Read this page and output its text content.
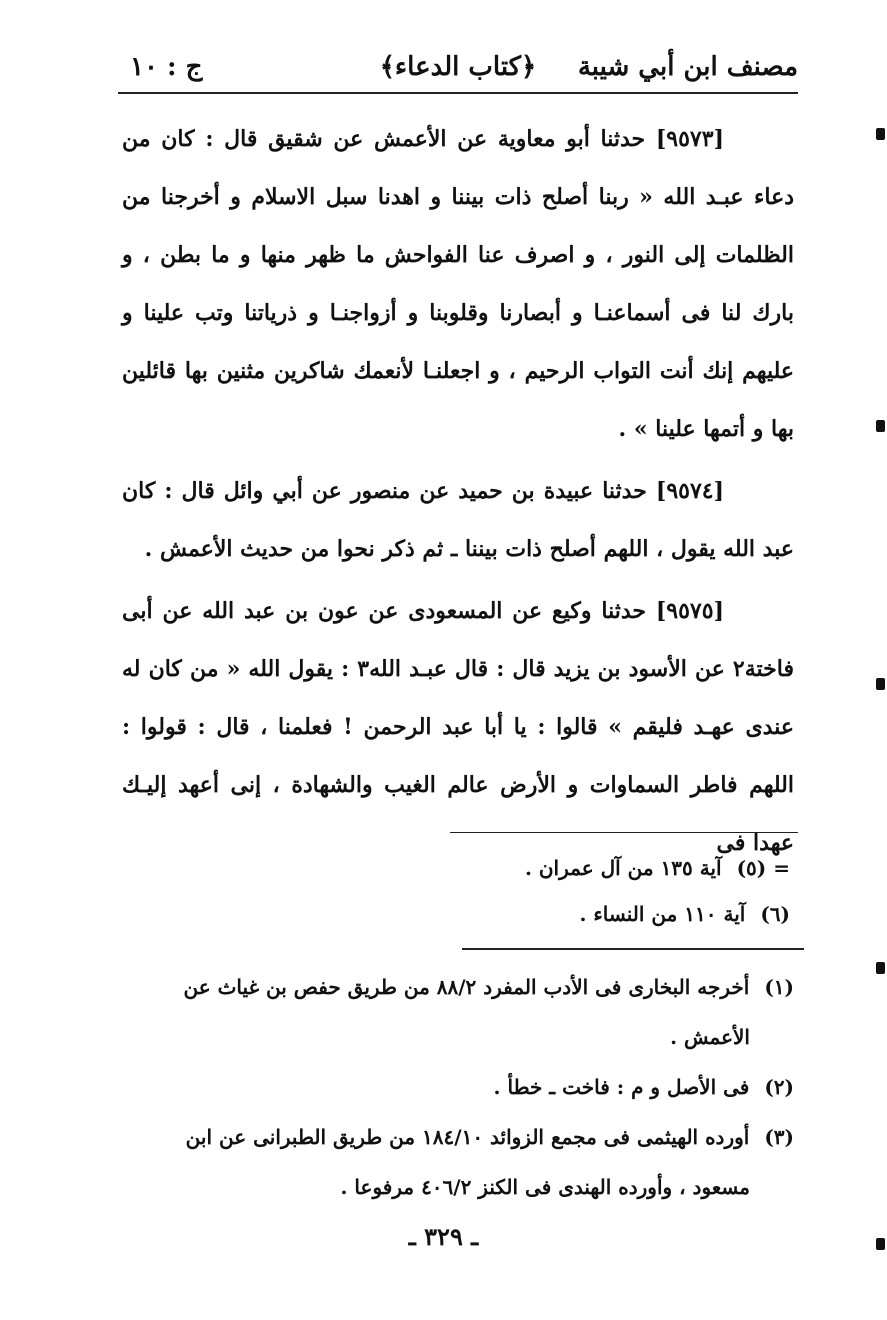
مصنف ابن أبي شيبة
﴿كتاب الدعاء﴾
ج : ١٠

[٩٥٧٣] حدثنا أبو معاوية عن الأعمش عن شقيق قال : كان من دعاء عبـد الله « ربنا أصلح ذات بيننا و اهدنا سبل الاسلام و أخرجنا من الظلمات إلى النور ، و اصرف عنا الفواحش ما ظهر منها و ما بطن ، و بارك لنا فى أسماعنـا و أبصارنا وقلوبنا و أزواجنـا و ذرياتنا وتب علينا و عليهم إنك أنت التواب الرحيم ، و اجعلنـا لأنعمك شاكرين مثنين بها قائلين بها و أتمها علينا » .

[٩٥٧٤] حدثنا عبيدة بن حميد عن منصور عن أبي وائل قال : كان عبد الله يقول ، اللهم أصلح ذات بيننا ـ ثم ذكر نحوا من حديث الأعمش .

[٩٥٧٥] حدثنا وكيع عن المسعودى عن عون بن عبد الله عن أبى فاختة٢ عن الأسود بن يزيد قال : قال عبـد الله٣ : يقول الله « من كان له عندى عهـد فليقم » قالوا : يا أبا عبد الرحمن ! فعلمنا ، قال : قولوا : اللهم فاطر السماوات و الأرض عالم الغيب والشهادة ، إنى أعهد إليـك عهدا فى

= (٥) آية ١٣٥ من آل عمران .

(٦) آية ١١٠ من النساء .

(١) أخرجه البخارى فى الأدب المفرد ٨٨/٢ من طريق حفص بن غياث عن الأعمش .

(٢) فى الأصل و م : فاخت ـ خطأ .

(٣) أورده الهيثمى فى مجمع الزوائد ١٨٤/١٠ من طريق الطبرانى عن ابن مسعود ، وأورده الهندى فى الكنز ٤٠٦/٢ مرفوعا .

ـ ٣٢٩ ـ
